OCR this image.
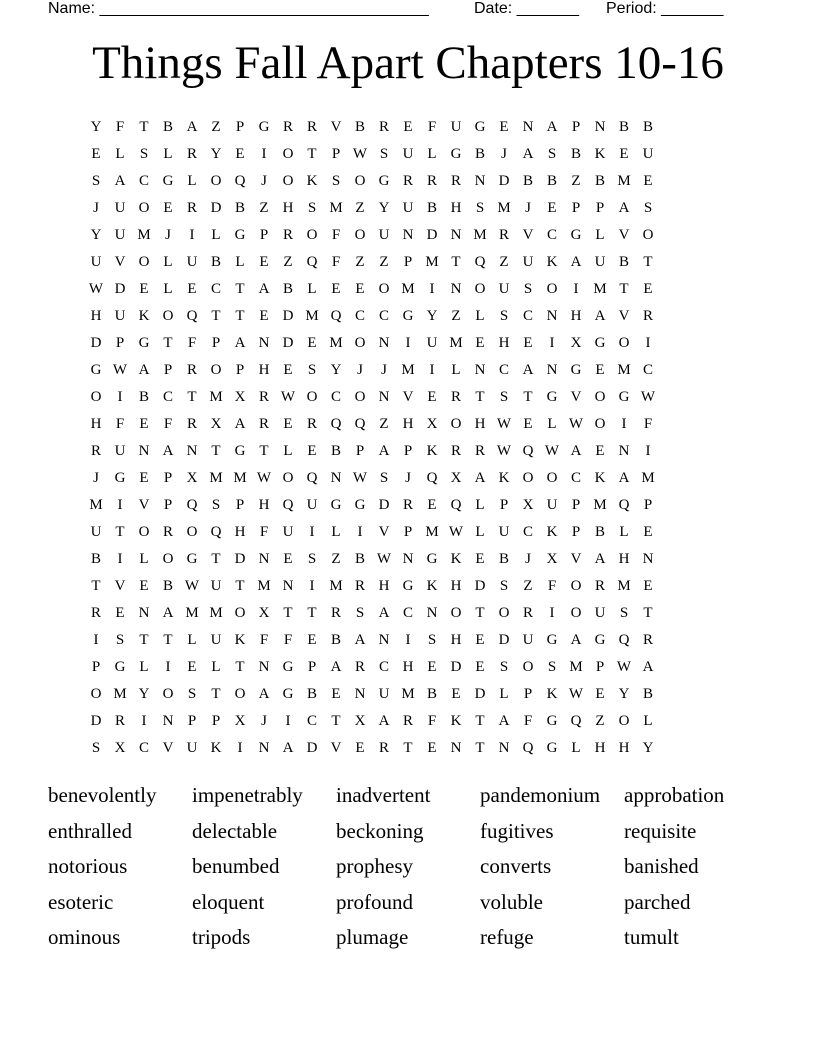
Name: _____________________________________	Date: _______ Period: _______
Things Fall Apart Chapters 10-16
Y F	T B A Z	P G R R V B R E	F U G E N A P N B B
E L	S	L R Y E	I	O T	P W S U L G B	J	A S B K E U
S A C G L O Q	J	O K S O G R R R N D B B Z B M E
J	U O E R D B Z H S M Z Y U B H S M J	E	P	P A S
Y U M J	I	L G P R O F O U N D N M R V C G L V O
U V O L U B L E Z Q F	Z Z	P M T Q Z U K A U B T
W D E L E C T A B L E E O M I	N O U S O	I M T E
H U K O Q T T E D M Q C C G Y Z L	S C N H A V R
D P G T	F	P A N D E M O N	I	U M E H E	I	X G O	I
G W A P R O P H E	S Y	J	J M I	L N C A N G E M C
O	I	B C T M X R W O C O N V E R T	S	T G V O G W
H F	E	F R X A R E R Q Q Z H X O H W E L W O	I	F
R U N A N T G T L E B P A P K R R W Q W A E N	I
J	G E	P X M M W O Q N W S	J	Q X A K O O C K A M
M I	V P Q S	P H Q U G G D R E Q L	P X U P M Q P
U T O R O Q H F U	I	L	I	V P M W L U C K P B L E
B	I	L O G T D N E	S	Z B W N G K E B	J	X V A H N
T V E B W U T M N	I M R H G K H D S	Z	F O R M E
R E N A M M O X T T R S A C N O T O R	I	O U S	T
I	S	T T L U K F	F	E B A N	I	S H E D U G A G Q R
P G L	I	E L T N G P A R C H E D E	S O S M P W A
O M Y O S	T O A G B E N U M B E D L	P K W E Y B
D R	I	N P	P X	J	I	C T X A R F K T A F G Q Z O L
S X C V U K	I	N A D V E R T E N T N Q G L H H Y
benevolently	impenetrably	inadvertent	pandemonium	approbation
enthralled	delectable	beckoning	fugitives	requisite
notorious	benumbed	prophesy	converts	banished
esoteric	eloquent	profound	voluble	parched
ominous	tripods	plumage	refuge	tumult
